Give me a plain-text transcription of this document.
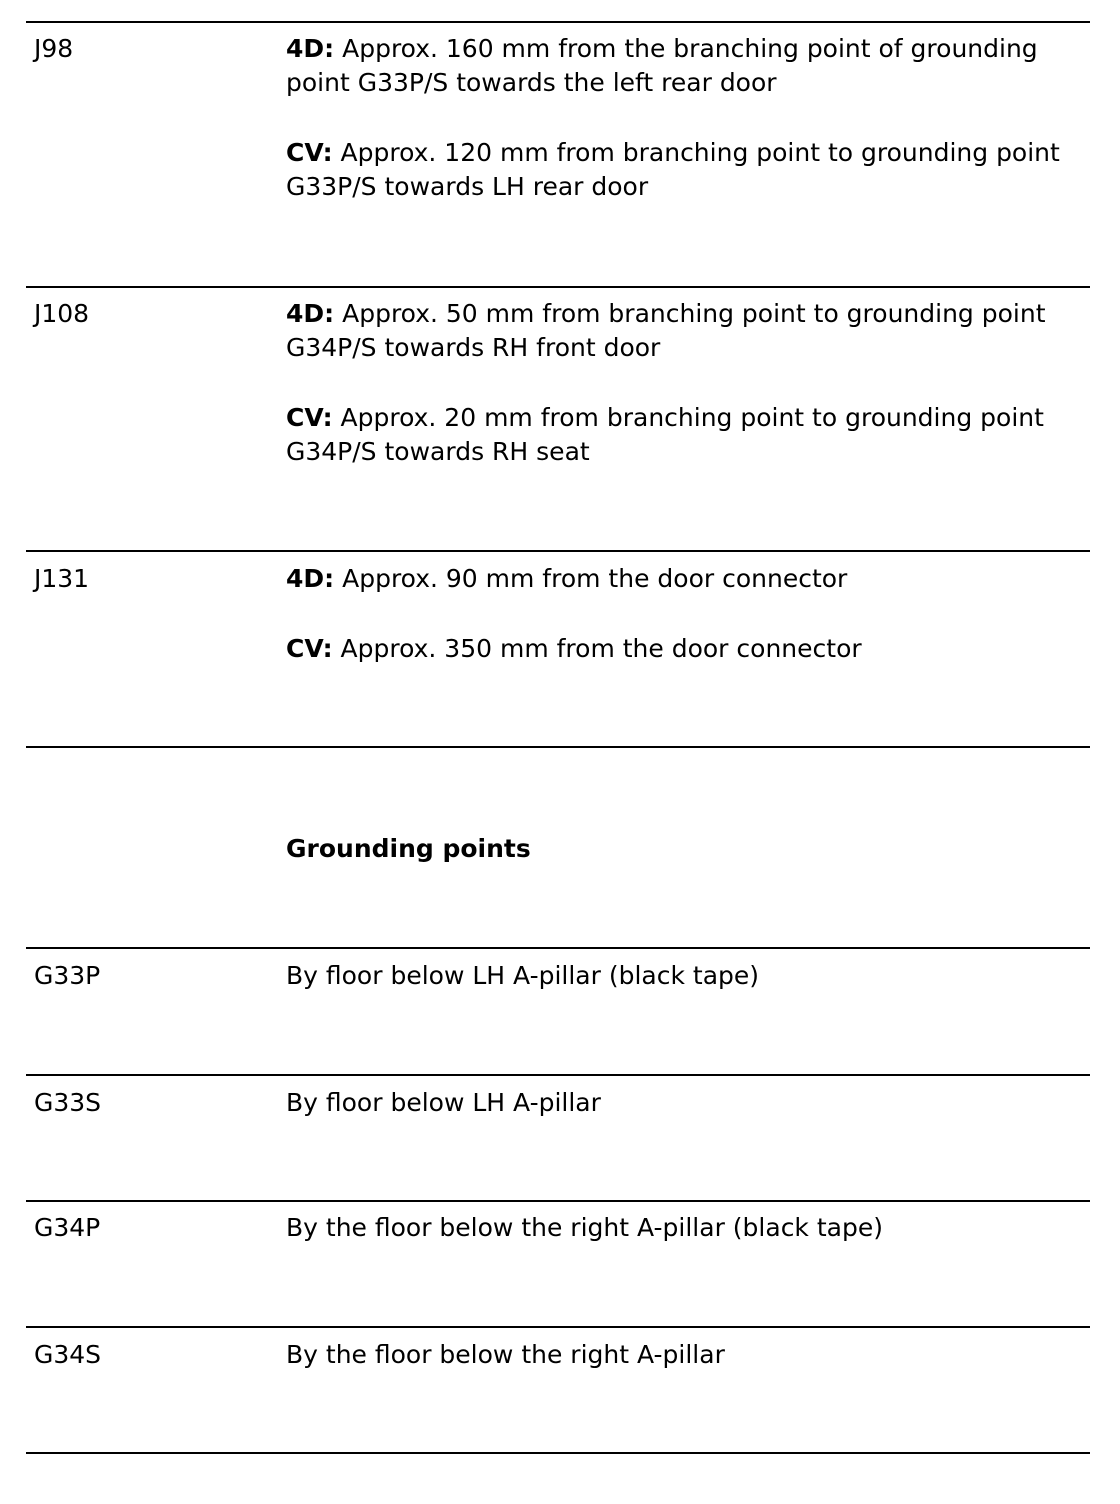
J98	4D: Approx. 160 mm from the branching point of grounding point G33P/S towards the left rear door

CV: Approx. 120 mm from branching point to grounding point G33P/S towards LH rear door

J108	4D: Approx. 50 mm from branching point to grounding point G34P/S towards RH front door

CV: Approx. 20 mm from branching point to grounding point G34P/S towards RH seat

J131	4D: Approx. 90 mm from the door connector

CV: Approx. 350 mm from the door connector

Grounding points
G33P	By floor below LH A-pillar (black tape)
G33S	By floor below LH A-pillar
G34P	By the floor below the right A-pillar (black tape)
G34S	By the floor below the right A-pillar
